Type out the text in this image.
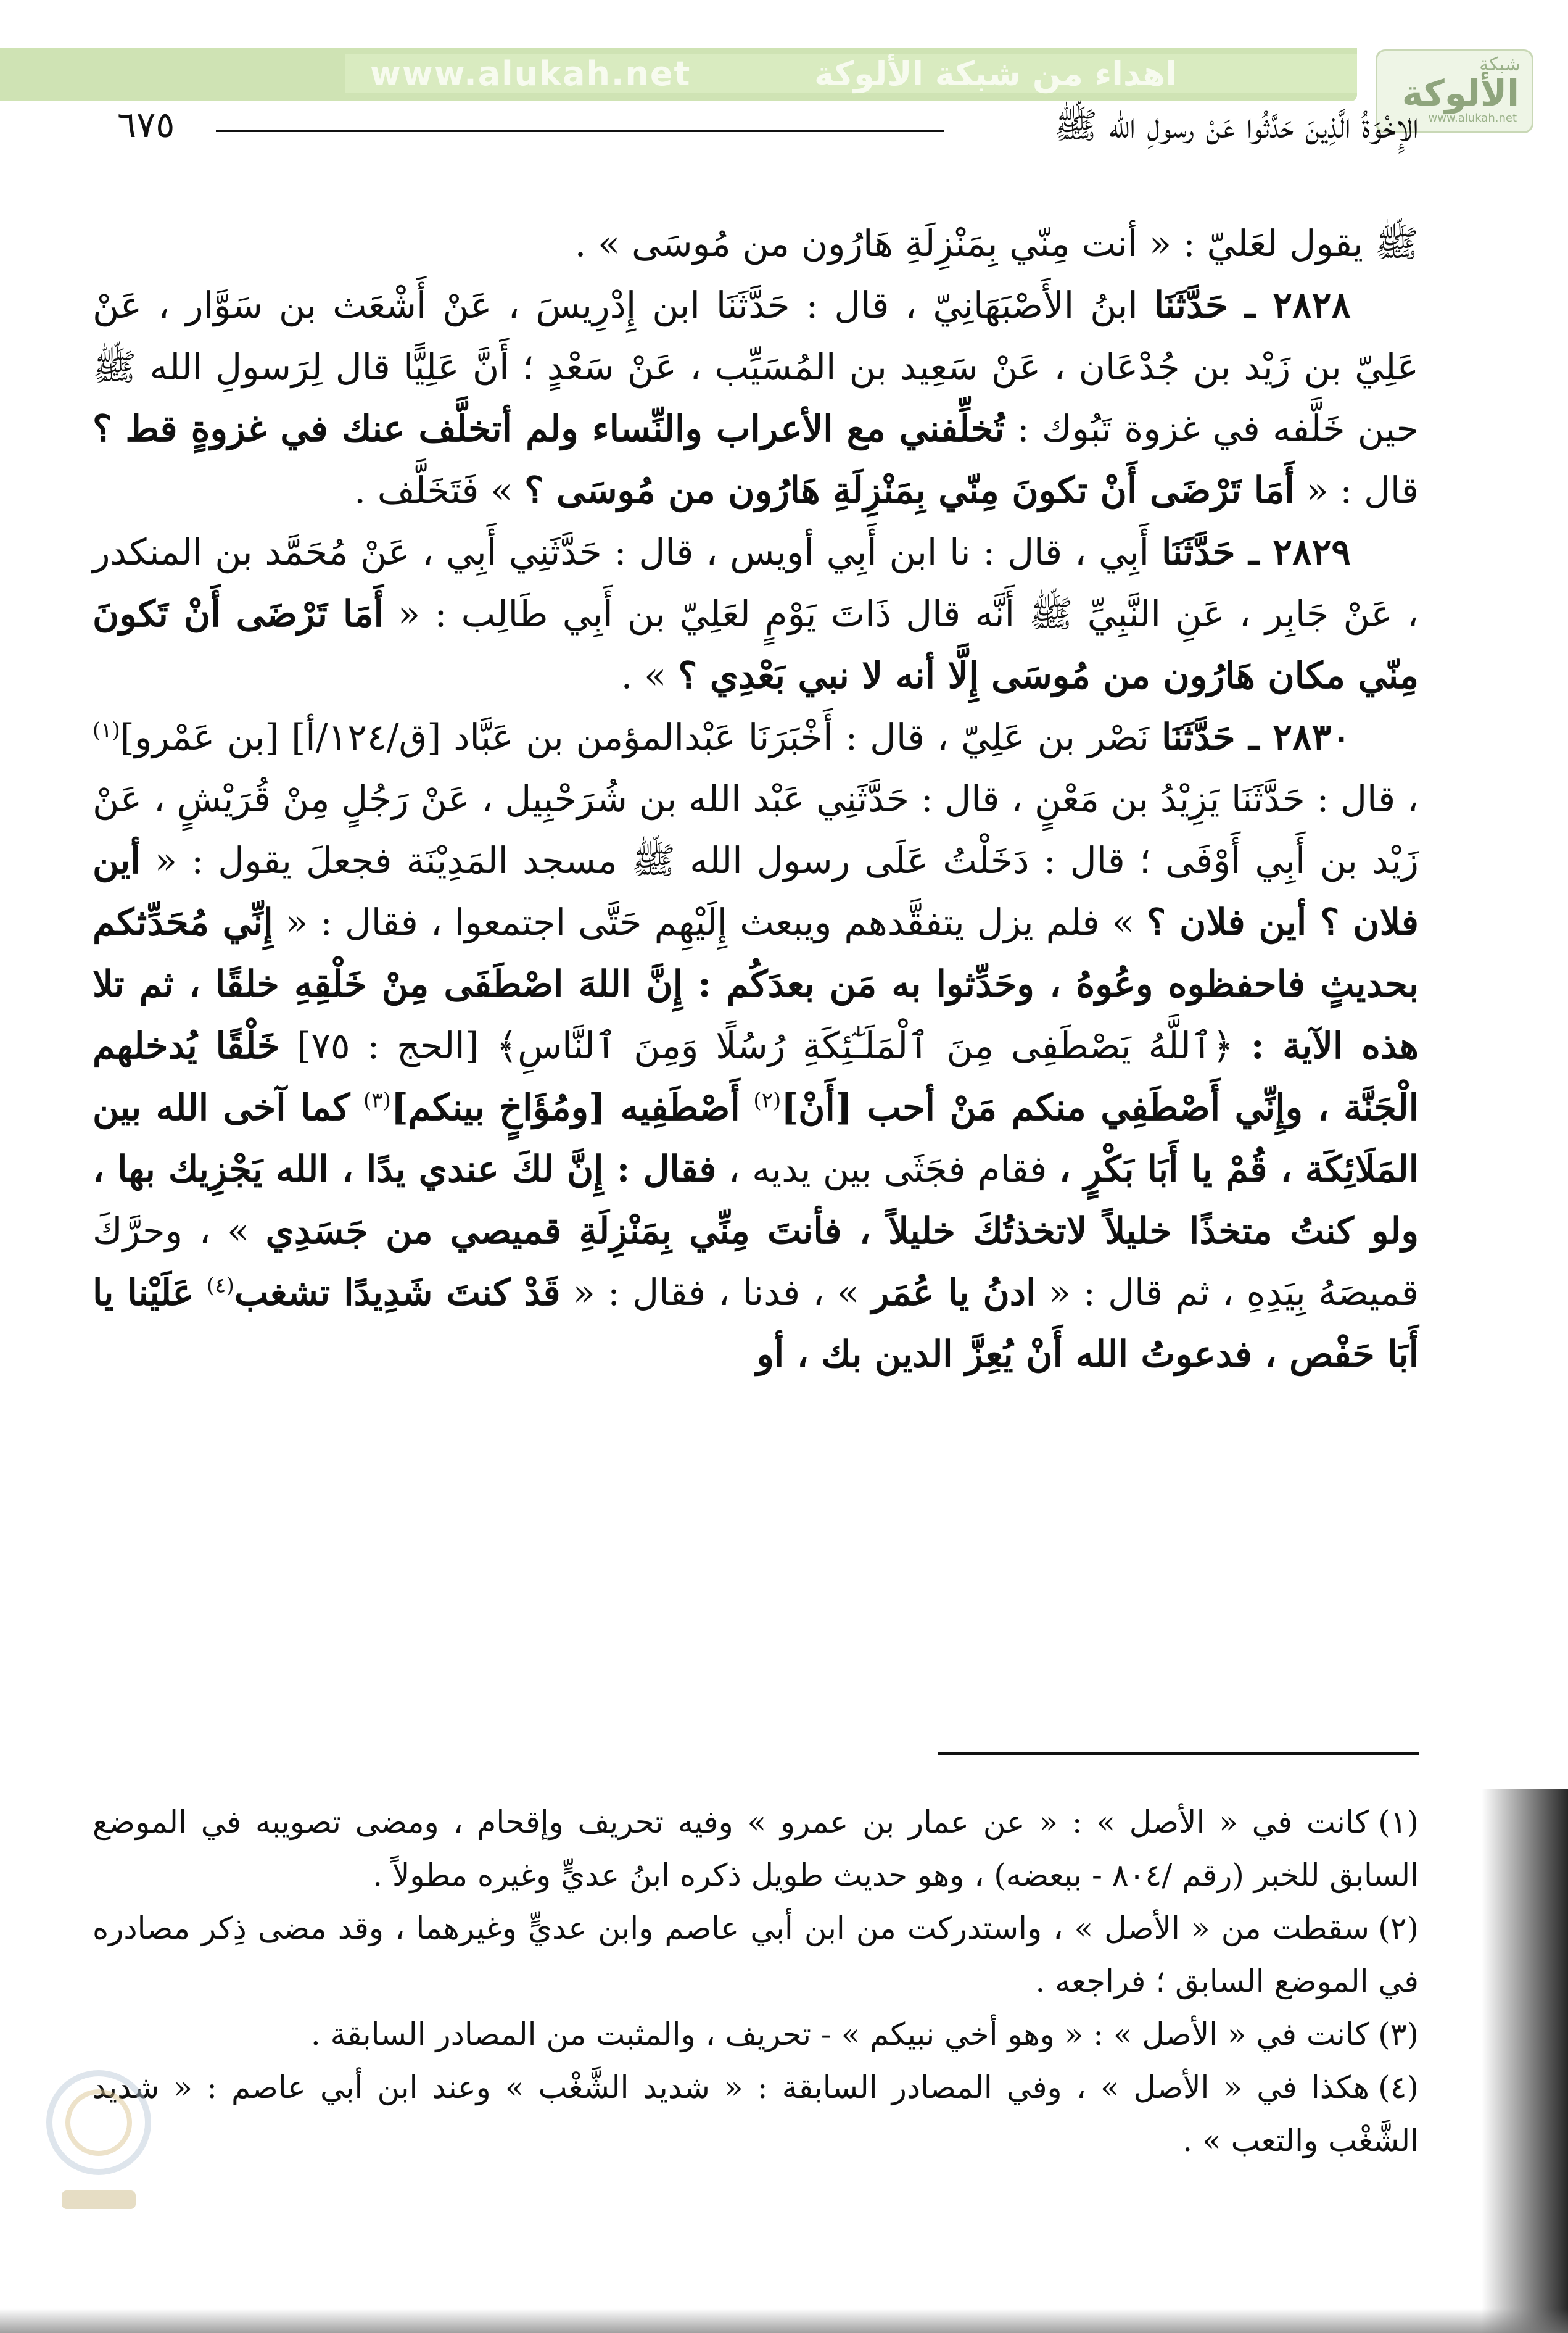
www.alukah.net	اهداء من شبكة الألوكة	شبكة
الألوكة
www.alukah.net
٦٧٥	الإِخْوَةُ الَّذِينَ حَدَّثُوا عَنْ رسولِ الله ﷺ

ﷺ يقول لعَليّ : « أنت مِنّي بِمَنْزِلَةِ هَارُون من مُوسَى » .

٢٨٢٨ ـ حَدَّثَنَا ابنُ الأَصْبَهَانِيّ ، قال : حَدَّثَنَا ابن إِدْرِيسَ ، عَنْ أَشْعَث بن سَوَّار ، عَنْ عَلِيّ بن زَيْد بن جُدْعَان ، عَنْ سَعِيد بن المُسَيِّب ، عَنْ سَعْدٍ ؛ أَنَّ عَلِيًّا قال لِرَسولِ الله ﷺ حين خَلَّفه في غزوة تَبُوك : تُخلِّفني مع الأعراب والنِّساء ولم أتخلَّف عنك في غزوةٍ قط ؟ قال : « أَمَا تَرْضَى أَنْ تكونَ مِنّي بِمَنْزِلَةِ هَارُون من مُوسَى ؟ » فَتَخَلَّف .

٢٨٢٩ ـ حَدَّثَنَا أَبِي ، قال : نا ابن أَبِي أويس ، قال : حَدَّثَنِي أَبِي ، عَنْ مُحَمَّد بن المنكدر ، عَنْ جَابِر ، عَنِ النَّبِيِّ ﷺ أَنَّه قال ذَاتَ يَوْمٍ لعَلِيّ بن أَبِي طَالِب : « أَمَا تَرْضَى أَنْ تَكونَ مِنّي مكان هَارُون من مُوسَى إِلَّا أنه لا نبي بَعْدِي ؟ » .

٢٨٣٠ ـ حَدَّثَنَا نَصْر بن عَلِيّ ، قال : أَخْبَرَنَا عَبْدالمؤمن بن عَبَّاد [ق/١٢٤/أ] [بن عَمْرو]$^{(١)}$ ، قال : حَدَّثَنَا يَزِيْدُ بن مَعْنٍ ، قال : حَدَّثَنِي عَبْد الله بن شُرَحْبِيل ، عَنْ رَجُلٍ مِنْ قُرَيْشٍ ، عَنْ زَيْد بن أَبِي أَوْفَى ؛ قال : دَخَلْتُ عَلَى رسول الله ﷺ مسجد المَدِيْنَة فجعلَ يقول : « أين فلان ؟ أين فلان ؟ » فلم يزل يتفقَّدهم ويبعث إِلَيْهِم حَتَّى اجتمعوا ، فقال : « إِنِّي مُحَدِّثكم بحديثٍ فاحفظوه وعُوهُ ، وحَدِّثوا به مَن بعدَكُم : إِنَّ اللهَ اصْطَفَى مِنْ خَلْقِهِ خلقًا ، ثم تلا هذه الآية : ﴿ٱللَّهُ يَصْطَفِى مِنَ ٱلْمَلَـٰٓئِكَةِ رُسُلًا وَمِنَ ٱلنَّاسِ﴾ [الحج : ٧٥] خَلْقًا يُدخلهم الْجَنَّة ، وإِنِّي أَصْطَفِي منكم مَنْ أحب [أَنْ]$^{(٢)}$ أَصْطَفِيه [ومُؤَاخٍ بينكم]$^{(٣)}$ كما آخى الله بين المَلَائِكَة ، قُمْ يا أَبَا بَكْرٍ ، فقام فجَثَى بين يديه ، فقال : إِنَّ لكَ عندي يدًا ، الله يَجْزِيك بها ، ولو كنتُ متخذًا خليلاً لاتخذتُكَ خليلاً ، فأنتَ مِنِّي بِمَنْزِلَةِ قميصي من جَسَدِي » ، وحرَّكَ قميصَهُ بِيَدِهِ ، ثم قال : « ادنُ يا عُمَر » ، فدنا ، فقال : « قَدْ كنتَ شَدِيدًا تشغب$^{(٤)}$ عَلَيْنا يا أَبَا حَفْص ، فدعوتُ الله أَنْ يُعِزَّ الدين بك ، أو

(١)كانت في « الأصل » : « عن عمار بن عمرو » وفيه تحريف وإقحام ، ومضى تصويبه في الموضع السابق للخبر (رقم /٨٠٤ - ببعضه) ، وهو حديث طويل ذكره ابنُ عديٍّ وغيره مطولاً .

(٢)سقطت من « الأصل » ، واستدركت من ابن أبي عاصم وابن عديٍّ وغيرهما ، وقد مضى ذِكر مصادره في الموضع السابق ؛ فراجعه .

(٣)كانت في « الأصل » : « وهو أخي نبيكم » - تحريف ، والمثبت من المصادر السابقة .

(٤)هكذا في « الأصل » ، وفي المصادر السابقة : « شديد الشَّغْب » وعند ابن أبي عاصم : « شديد الشَّغْب والتعب » .
